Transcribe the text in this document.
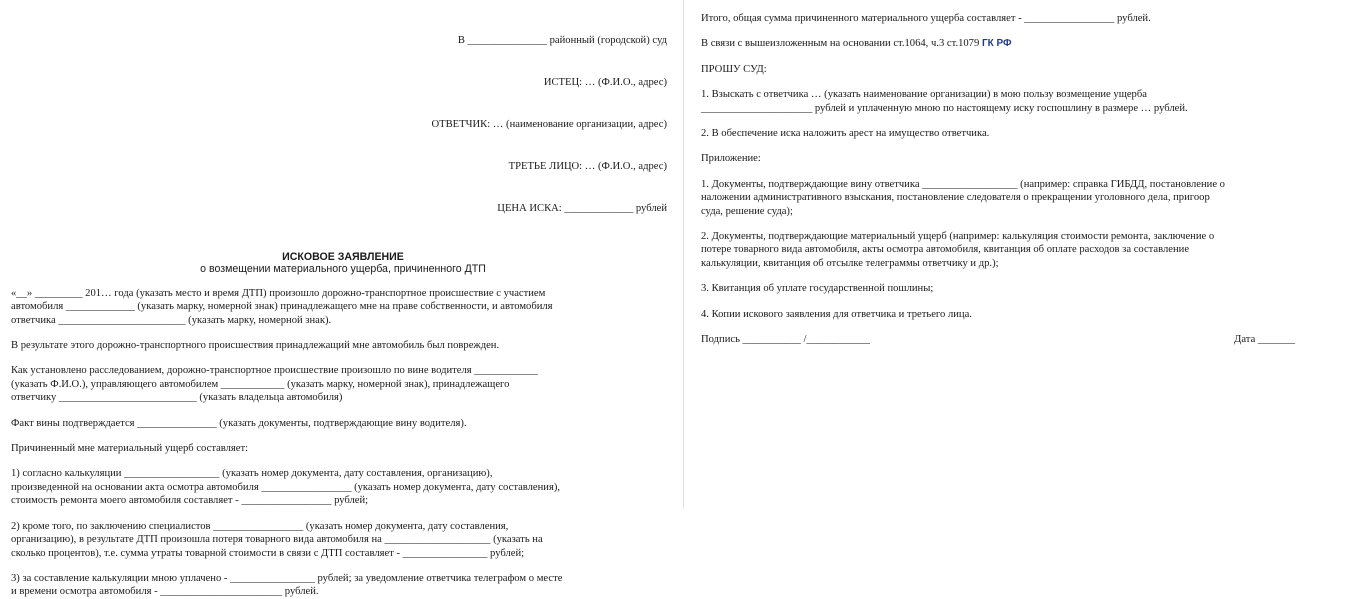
В _______________ районный (городской) суд

ИСТЕЦ: … (Ф.И.О., адрес)

ОТВЕТЧИК: … (наименование организации, адрес)

ТРЕТЬЕ ЛИЦО: … (Ф.И.О., адрес)

ЦЕНА ИСКА: _____________ рублей

ИСКОВОЕ ЗАЯВЛЕНИЕ
о возмещении материального ущерба, причиненного ДТП
«__» _________ 201… года (указать место и время ДТП) произошло дорожно-транспортное происшествие с участием
автомобиля _____________ (указать марку, номерной знак) принадлежащего мне на праве собственности, и автомобиля
ответчика ________________________ (указать марку, номерной знак).
В результате этого дорожно-транспортного происшествия принадлежащий мне автомобиль был поврежден.
Как установлено расследованием, дорожно-транспортное происшествие произошло по вине водителя ____________
(указать Ф.И.О.), управляющего автомобилем ____________ (указать марку, номерной знак), принадлежащего
ответчику __________________________ (указать владельца автомобиля)
Факт вины подтверждается _______________ (указать документы, подтверждающие вину водителя).
Причиненный мне материальный ущерб составляет:
1) согласно калькуляции __________________ (указать номер документа, дату составления, организацию),
произведенной на основании акта осмотра автомобиля _________________ (указать номер документа, дату составления),
стоимость ремонта моего автомобиля составляет - _________________ рублей;
2) кроме того, по заключению специалистов _________________ (указать номер документа, дату составления,
организацию), в результате ДТП произошла потеря товарного вида автомобиля на ____________________ (указать на
сколько процентов), т.е. сумма утраты товарной стоимости в связи с ДТП составляет - ________________ рублей;
3) за составление калькуляции мною уплачено - ________________ рублей; за уведомление ответчика телеграфом о месте
и времени осмотра автомобиля - _______________________ рублей.
Итого, общая сумма причиненного материального ущерба составляет - _________________ рублей.
В связи с вышеизложенным на основании ст.1064, ч.3 ст.1079 ГК РФ
ПРОШУ СУД:
1. Взыскать с ответчика … (указать наименование организации) в мою пользу возмещение ущерба
_____________________ рублей и уплаченную мною по настоящему иску госпошлину в размере … рублей.
2. В обеспечение иска наложить арест на имущество ответчика.
Приложение:
1. Документы, подтверждающие вину ответчика __________________ (например: справка ГИБДД, постановление о
наложении административного взыскания, постановление следователя о прекращении уголовного дела, пригоор
суда, решение суда);
2. Документы, подтверждающие материальный ущерб (например: калькуляция стоимости ремонта, заключение о
потере товарного вида автомобиля, акты осмотра автомобиля, квитанция об оплате расходов за составление
калькуляции, квитанция об отсылке телеграммы ответчику и др.);
3. Квитанция об уплате государственной пошлины;
4. Копии искового заявления для ответчика и третьего лица.
Подпись ___________ /____________	Дата _______
